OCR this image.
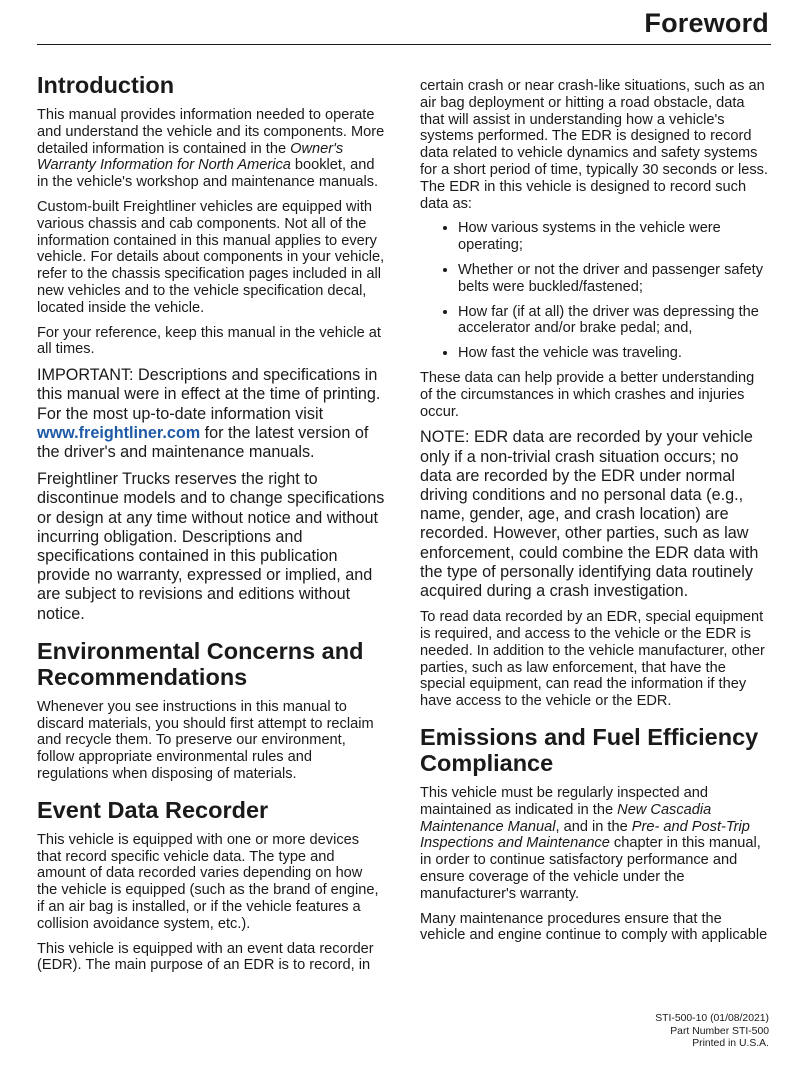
Foreword
Introduction

This manual provides information needed to operate and understand the vehicle and its components. More detailed information is contained in the Owner's Warranty Information for North America booklet, and in the vehicle's workshop and maintenance manuals.

Custom-built Freightliner vehicles are equipped with various chassis and cab components. Not all of the information contained in this manual applies to every vehicle. For details about components in your vehicle, refer to the chassis specification pages included in all new vehicles and to the vehicle specification decal, located inside the vehicle.

For your reference, keep this manual in the vehicle at all times.

IMPORTANT: Descriptions and specifications in this manual were in effect at the time of printing. For the most up-to-date information visit www.freightliner.com for the latest version of the driver's and maintenance manuals.

Freightliner Trucks reserves the right to discontinue models and to change specifications or design at any time without notice and without incurring obligation. Descriptions and specifications contained in this publication provide no warranty, expressed or implied, and are subject to revisions and editions without notice.

Environmental Concerns and Recommendations

Whenever you see instructions in this manual to discard materials, you should first attempt to reclaim and recycle them. To preserve our environment, follow appropriate environmental rules and regulations when disposing of materials.

Event Data Recorder

This vehicle is equipped with one or more devices that record specific vehicle data. The type and amount of data recorded varies depending on how the vehicle is equipped (such as the brand of engine, if an air bag is installed, or if the vehicle features a collision avoidance system, etc.).

This vehicle is equipped with an event data recorder (EDR). The main purpose of an EDR is to record, in

certain crash or near crash-like situations, such as an air bag deployment or hitting a road obstacle, data that will assist in understanding how a vehicle's systems performed. The EDR is designed to record data related to vehicle dynamics and safety systems for a short period of time, typically 30 seconds or less. The EDR in this vehicle is designed to record such data as:

• How various systems in the vehicle were operating;
• Whether or not the driver and passenger safety belts were buckled/fastened;
• How far (if at all) the driver was depressing the accelerator and/or brake pedal; and,
• How fast the vehicle was traveling.

These data can help provide a better understanding of the circumstances in which crashes and injuries occur.

NOTE: EDR data are recorded by your vehicle only if a non-trivial crash situation occurs; no data are recorded by the EDR under normal driving conditions and no personal data (e.g., name, gender, age, and crash location) are recorded. However, other parties, such as law enforcement, could combine the EDR data with the type of personally identifying data routinely acquired during a crash investigation.

To read data recorded by an EDR, special equipment is required, and access to the vehicle or the EDR is needed. In addition to the vehicle manufacturer, other parties, such as law enforcement, that have the special equipment, can read the information if they have access to the vehicle or the EDR.

Emissions and Fuel Efficiency Compliance

This vehicle must be regularly inspected and maintained as indicated in the New Cascadia Maintenance Manual, and in the Pre- and Post-Trip Inspections and Maintenance chapter in this manual, in order to continue satisfactory performance and ensure coverage of the vehicle under the manufacturer's warranty.

Many maintenance procedures ensure that the vehicle and engine continue to comply with applicable

STI-500-10 (01/08/2021)
Part Number STI-500
Printed in U.S.A.
